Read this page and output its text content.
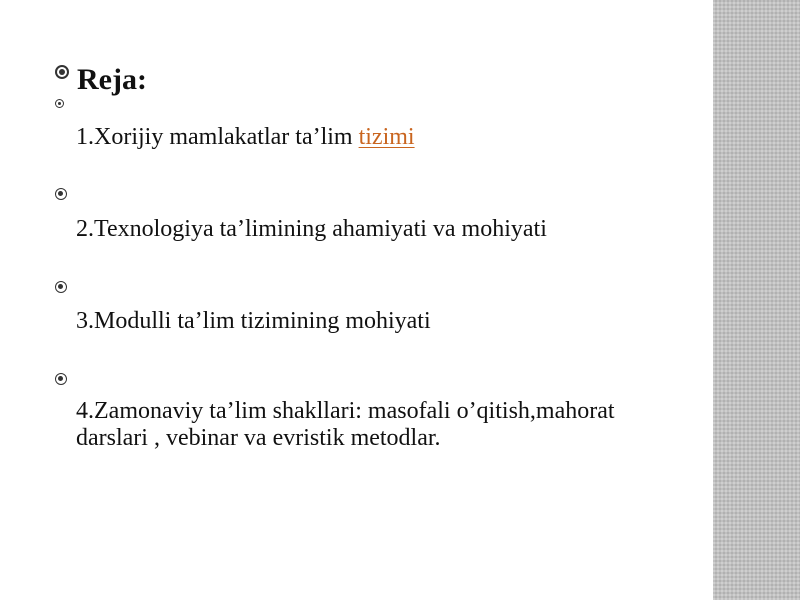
Reja:

1.Xorijiy mamlakatlar ta’lim tizimi

2.Texnologiya ta’limining ahamiyati va mohiyati

3.Modulli ta’lim tizimining mohiyati

4.Zamonaviy ta’lim shakllari: masofali o’qitish,mahorat darslari , vebinar va evristik metodlar.
